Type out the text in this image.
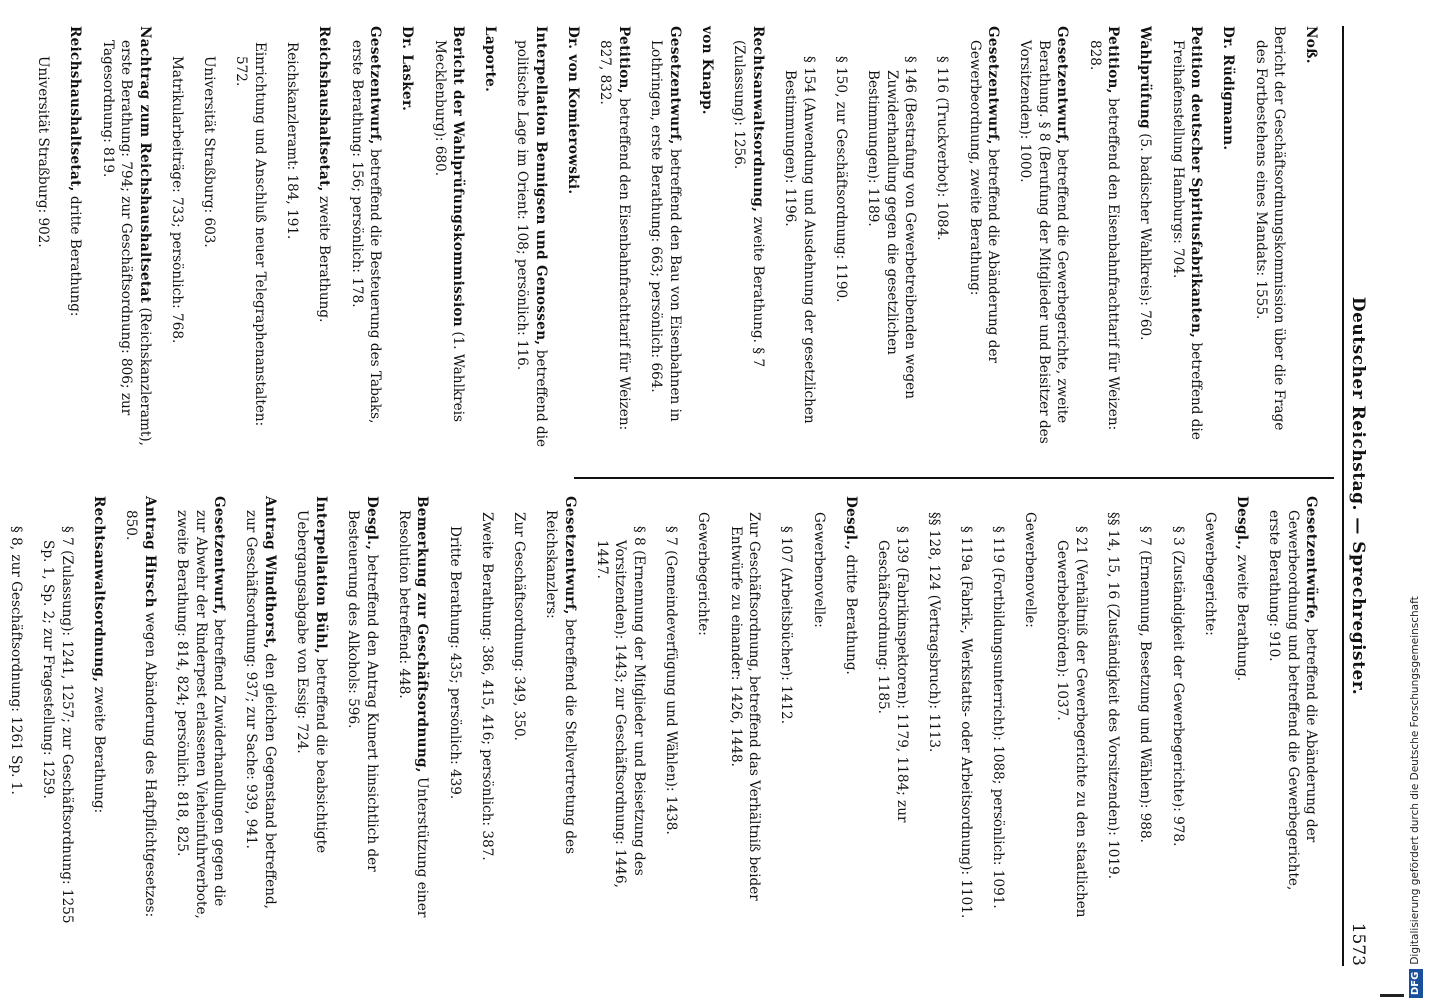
Deutscher Reichstag. — Sprechregister.
1573

Noß.

Bericht der Geschäftsordnungskommission über die Frage des Fortbestehens eines Mandats: 1555.

Dr. Rüdigmann.

Petition deutscher Spiritusfabrikanten, betreffend die Freihafenstellung Hamburgs: 704.

Wahlprüfung (5. badischer Wahlkreis): 760.

Petition, betreffend den Eisenbahnfrachttarif für Weizen: 828.

Gesetzentwurf, betreffend die Gewerbegerichte, zweite Berathung. § 8 (Berufung der Mitglieder und Beisitzer des Vorsitzenden): 1000.

Gesetzentwurf, betreffend die Abänderung der Gewerbeordnung, zweite Berathung:

§ 116 (Truckverbot): 1084.

§ 146 (Bestrafung von Gewerbetreibenden wegen Zuwiderhandlung gegen die gesetzlichen Bestimmungen): 1189.

§ 150, zur Geschäftsordnung: 1190.

§ 154 (Anwendung und Ausdehnung der gesetzlichen Bestimmungen): 1196.

Rechtsanwaltsordnung, zweite Berathung. § 7 (Zulassung): 1256.

von Knapp.

Gesetzentwurf, betreffend den Bau von Eisenbahnen in Lothringen, erste Berathung: 663; persönlich: 664.

Petition, betreffend den Eisenbahnfrachttarif für Weizen: 827, 832.

Dr. von Komierowski.

Interpellation Bennigsen und Genossen, betreffend die politische Lage im Orient: 108; persönlich: 116.

Laporte.

Bericht der Wahlprüfungskommission (1. Wahlkreis Mecklenburg): 680.

Dr. Lasker.

Gesetzentwurf, betreffend die Besteuerung des Tabaks, erste Berathung: 156; persönlich: 178.

Reichshaushaltsetat, zweite Berathung.

Reichskanzleramt: 184, 191.

Einrichtung und Anschluß neuer Telegraphenanstalten: 572.

Universität Straßburg: 603.

Matrikularbeiträge: 733; persönlich: 768.

Nachtrag zum Reichshaushaltsetat (Reichskanzleramt), erste Berathung: 794; zur Geschäftsordnung: 806; zur Tagesordnung: 819.

Reichshaushaltsetat, dritte Berathung:

Universität Straßburg: 902.

Gesetzentwürfe, betreffend die Abänderung der Gewerbeordnung und betreffend die Gewerbegerichte, erste Berathung: 910.

Desgl., zweite Berathung.

Gewerbegerichte:

§ 3 (Zuständigkeit der Gewerbegerichte): 978.

§ 7 (Ernennung, Besetzung und Wählen): 988.

§§ 14, 15, 16 (Zuständigkeit des Vorsitzenden): 1019.

§ 21 (Verhältniß der Gewerbegerichte zu den staatlichen Gewerbebehörden): 1037.

Gewerbenovelle:

§ 119 (Fortbildungsunterricht): 1088; persönlich: 1091.

§ 119a (Fabrik-, Werkstatts- oder Arbeitsordnung): 1101.

§§ 128, 124 (Vertragsbruch): 1113.

§ 139 (Fabrikinspektoren): 1179, 1184; zur Geschäftsordnung: 1185.

Desgl., dritte Berathung.

Gewerbenovelle:

§ 107 (Arbeitsbücher): 1412.

Zur Geschäftsordnung, betreffend das Verhältniß beider Entwürfe zu einander: 1426, 1448.

Gewerbegerichte:

§ 7 (Gemeindeverfügung und Wählen): 1438.

§ 8 (Ernennung der Mitglieder und Beisetzung des Vorsitzenden): 1443; zur Geschäftsordnung: 1446, 1447.

Gesetzentwurf, betreffend die Stellvertretung des Reichskanzlers:

Zur Geschäftsordnung: 349, 350.

Zweite Berathung: 386, 415, 416; persönlich: 387.

Dritte Berathung: 435; persönlich: 439.

Bemerkung zur Geschäftsordnung, Unterstützung einer Resolution betreffend: 448.

Desgl., betreffend den Antrag Kunert hinsichtlich der Besteuerung des Alkohols: 596.

Interpellation Bühl, betreffend die beabsichtigte Uebergangsabgabe von Essig: 724.

Antrag Windthorst, den gleichen Gegenstand betreffend, zur Geschäftsordnung: 937; zur Sache: 939, 941.

Gesetzentwurf, betreffend Zuwiderhandlungen gegen die zur Abwehr der Rinderpest erlassenen Vieheinfuhrverbote, zweite Berathung: 814, 824; persönlich: 818, 825.

Antrag Hirsch wegen Abänderung des Haftpflichtgesetzes: 850.

Rechtsanwaltsordnung, zweite Berathung:

§ 7 (Zulassung): 1241, 1257; zur Geschäftsordnung: 1255 Sp. 1, Sp. 2; zur Fragestellung: 1259.

§ 8, zur Geschäftsordnung: 1261 Sp. 1.

DFGDigitalisierung gefördert durch die Deutsche Forschungsgemeinschaft
